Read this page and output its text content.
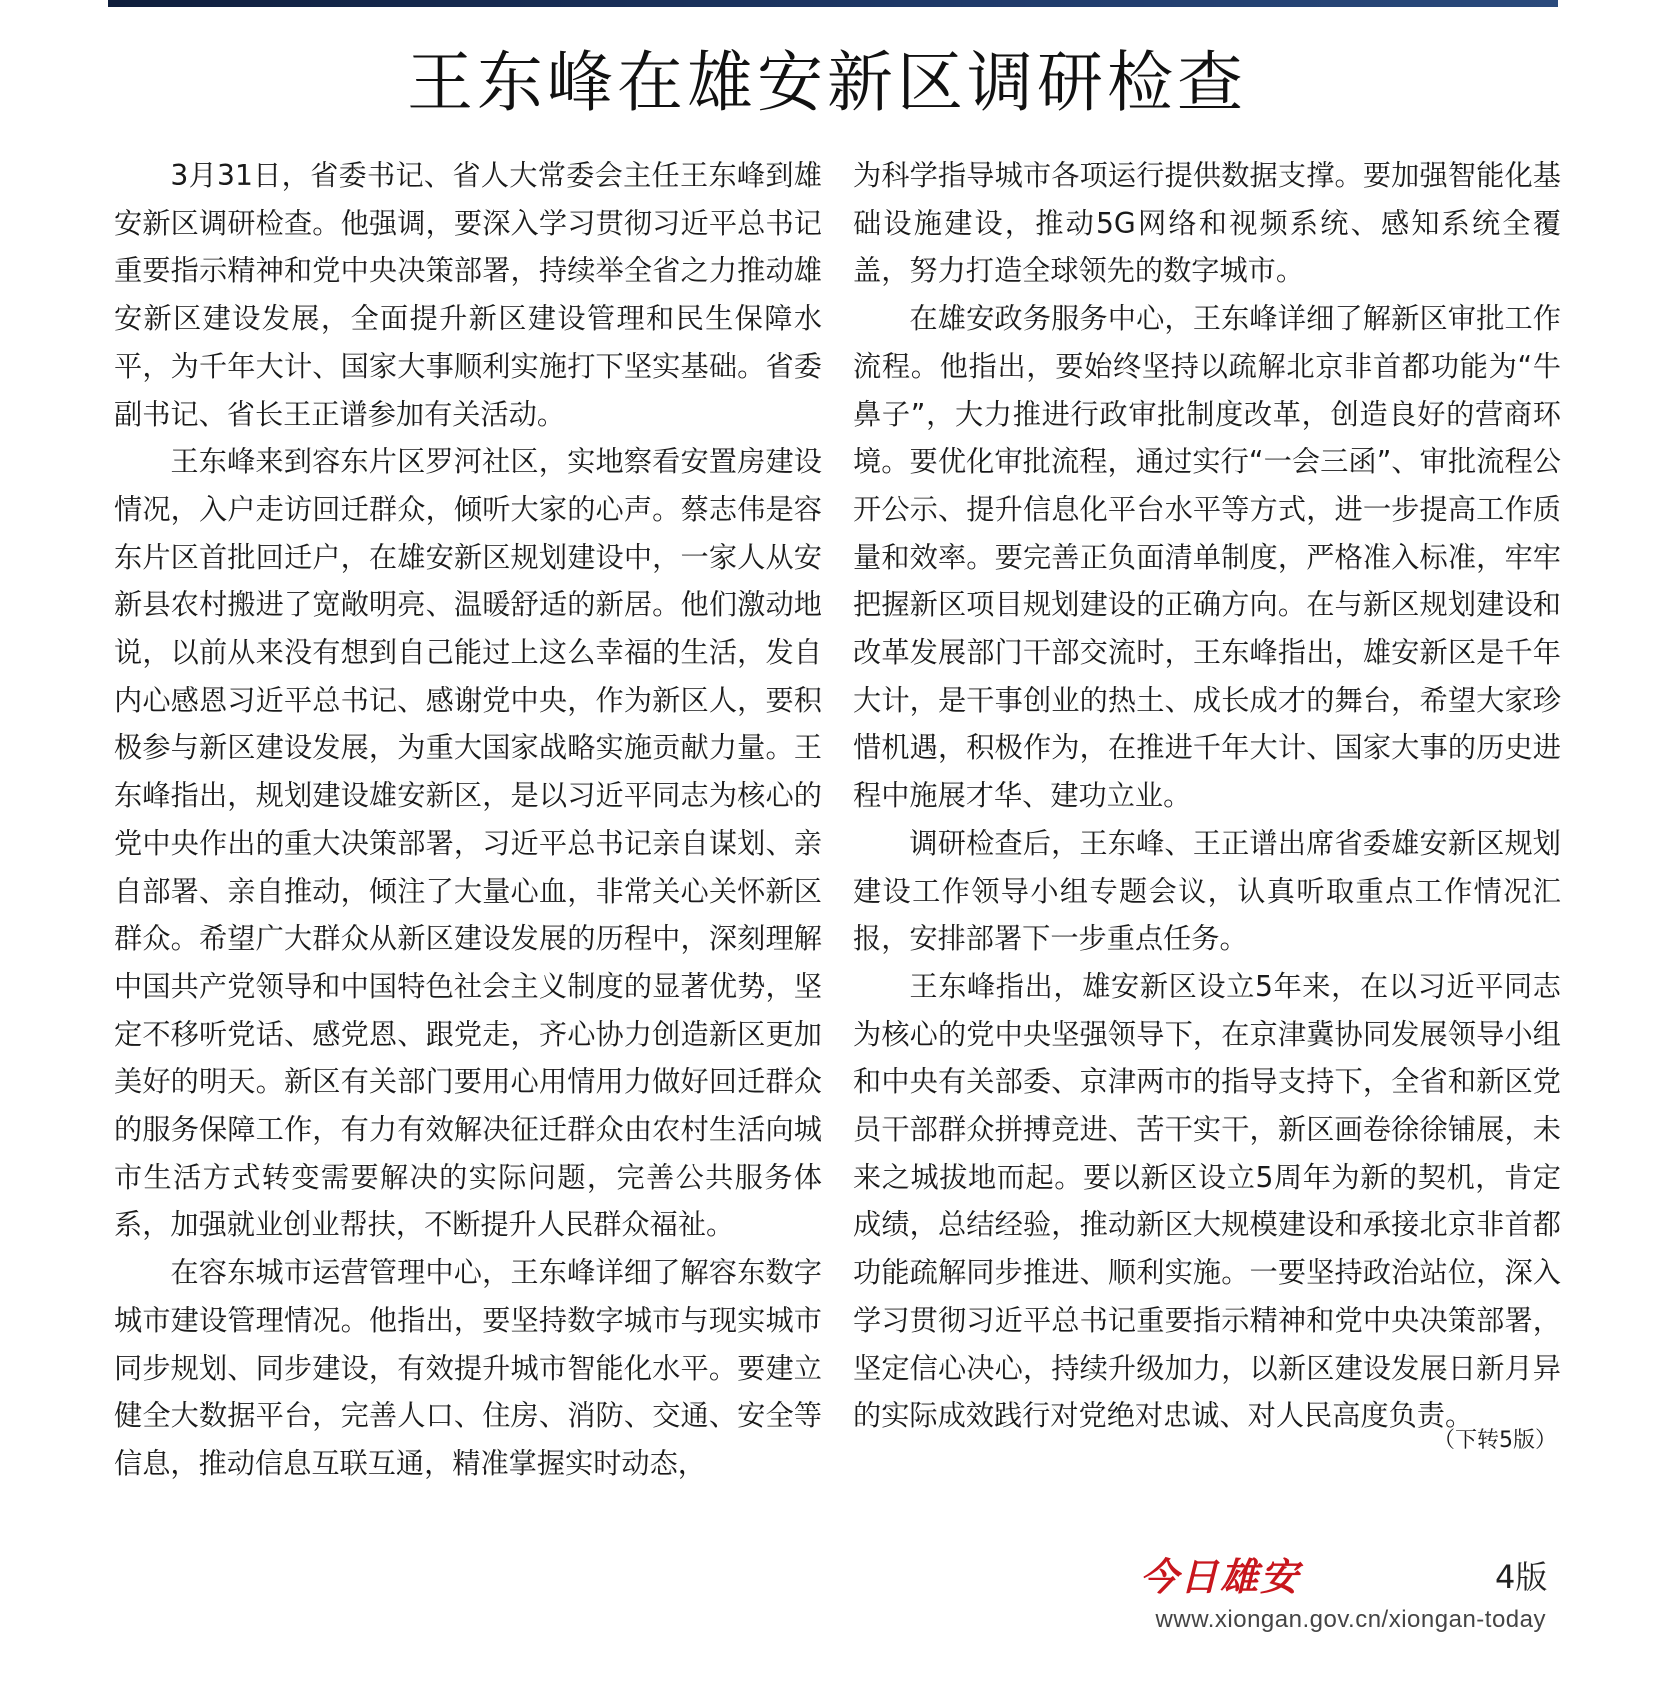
王东峰在雄安新区调研检查

3月31日，省委书记、省人大常委会主任王东峰到雄安新区调研检查。他强调，要深入学习贯彻习近平总书记重要指示精神和党中央决策部署，持续举全省之力推动雄安新区建设发展，全面提升新区建设管理和民生保障水平，为千年大计、国家大事顺利实施打下坚实基础。省委副书记、省长王正谱参加有关活动。

王东峰来到容东片区罗河社区，实地察看安置房建设情况，入户走访回迁群众，倾听大家的心声。蔡志伟是容东片区首批回迁户，在雄安新区规划建设中，一家人从安新县农村搬进了宽敞明亮、温暖舒适的新居。他们激动地说，以前从来没有想到自己能过上这么幸福的生活，发自内心感恩习近平总书记、感谢党中央，作为新区人，要积极参与新区建设发展，为重大国家战略实施贡献力量。王东峰指出，规划建设雄安新区，是以习近平同志为核心的党中央作出的重大决策部署，习近平总书记亲自谋划、亲自部署、亲自推动，倾注了大量心血，非常关心关怀新区群众。希望广大群众从新区建设发展的历程中，深刻理解中国共产党领导和中国特色社会主义制度的显著优势，坚定不移听党话、感党恩、跟党走，齐心协力创造新区更加美好的明天。新区有关部门要用心用情用力做好回迁群众的服务保障工作，有力有效解决征迁群众由农村生活向城市生活方式转变需要解决的实际问题，完善公共服务体系，加强就业创业帮扶，不断提升人民群众福祉。

在容东城市运营管理中心，王东峰详细了解容东数字城市建设管理情况。他指出，要坚持数字城市与现实城市同步规划、同步建设，有效提升城市智能化水平。要建立健全大数据平台，完善人口、住房、消防、交通、安全等信息，推动信息互联互通，精准掌握实时动态，

为科学指导城市各项运行提供数据支撑。要加强智能化基础设施建设，推动5G网络和视频系统、感知系统全覆盖，努力打造全球领先的数字城市。

在雄安政务服务中心，王东峰详细了解新区审批工作流程。他指出，要始终坚持以疏解北京非首都功能为“牛鼻子”，大力推进行政审批制度改革，创造良好的营商环境。要优化审批流程，通过实行“一会三函”、审批流程公开公示、提升信息化平台水平等方式，进一步提高工作质量和效率。要完善正负面清单制度，严格准入标准，牢牢把握新区项目规划建设的正确方向。在与新区规划建设和改革发展部门干部交流时，王东峰指出，雄安新区是千年大计，是干事创业的热土、成长成才的舞台，希望大家珍惜机遇，积极作为，在推进千年大计、国家大事的历史进程中施展才华、建功立业。

调研检查后，王东峰、王正谱出席省委雄安新区规划建设工作领导小组专题会议，认真听取重点工作情况汇报，安排部署下一步重点任务。

王东峰指出，雄安新区设立5年来，在以习近平同志为核心的党中央坚强领导下，在京津冀协同发展领导小组和中央有关部委、京津两市的指导支持下，全省和新区党员干部群众拼搏竞进、苦干实干，新区画卷徐徐铺展，未来之城拔地而起。要以新区设立5周年为新的契机，肯定成绩，总结经验，推动新区大规模建设和承接北京非首都功能疏解同步推进、顺利实施。一要坚持政治站位，深入学习贯彻习近平总书记重要指示精神和党中央决策部署，坚定信心决心，持续升级加力，以新区建设发展日新月异的实际成效践行对党绝对忠诚、对人民高度负责。

（下转5版）
今日雄安	4版
www.xiongan.gov.cn/xiongan-today
